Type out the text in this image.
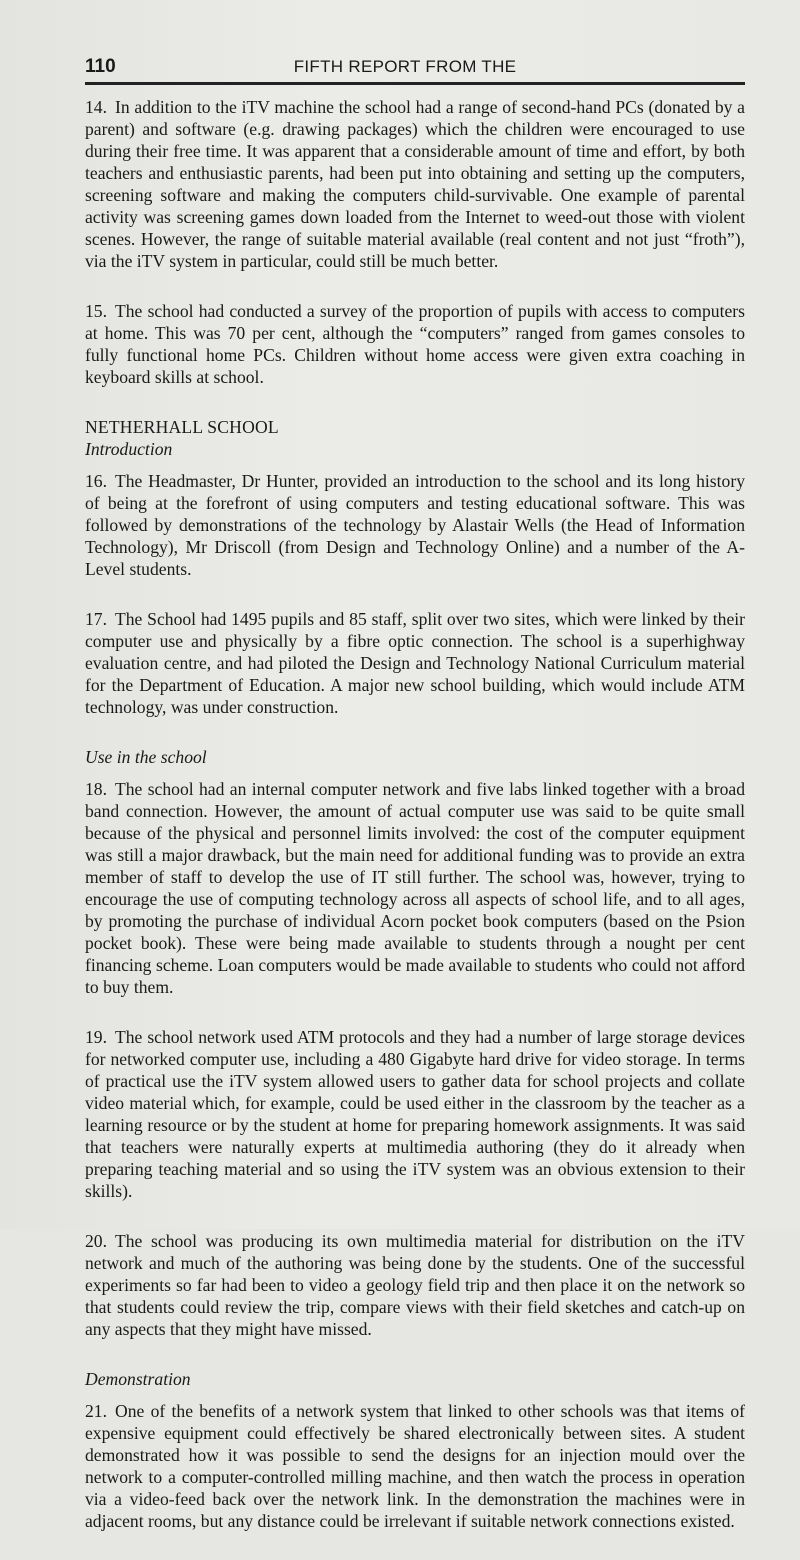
110	FIFTH REPORT FROM THE

14. In addition to the iTV machine the school had a range of second-hand PCs (donated by a parent) and software (e.g. drawing packages) which the children were encouraged to use during their free time. It was apparent that a considerable amount of time and effort, by both teachers and enthusiastic parents, had been put into obtaining and setting up the computers, screening software and making the computers child-survivable. One example of parental activity was screening games down loaded from the Internet to weed-out those with violent scenes. However, the range of suitable material available (real content and not just “froth”), via the iTV system in particular, could still be much better.

15. The school had conducted a survey of the proportion of pupils with access to computers at home. This was 70 per cent, although the “computers” ranged from games consoles to fully functional home PCs. Children without home access were given extra coaching in keyboard skills at school.

NETHERHALL SCHOOL
Introduction

16. The Headmaster, Dr Hunter, provided an introduction to the school and its long history of being at the forefront of using computers and testing educational software. This was followed by demonstrations of the technology by Alastair Wells (the Head of Information Technology), Mr Driscoll (from Design and Technology Online) and a number of the A-Level students.

17. The School had 1495 pupils and 85 staff, split over two sites, which were linked by their computer use and physically by a fibre optic connection. The school is a superhighway evaluation centre, and had piloted the Design and Technology National Curriculum material for the Department of Education. A major new school building, which would include ATM technology, was under construction.

Use in the school

18. The school had an internal computer network and five labs linked together with a broad band connection. However, the amount of actual computer use was said to be quite small because of the physical and personnel limits involved: the cost of the computer equipment was still a major drawback, but the main need for additional funding was to provide an extra member of staff to develop the use of IT still further. The school was, however, trying to encourage the use of computing technology across all aspects of school life, and to all ages, by promoting the purchase of individual Acorn pocket book computers (based on the Psion pocket book). These were being made available to students through a nought per cent financing scheme. Loan computers would be made available to students who could not afford to buy them.

19. The school network used ATM protocols and they had a number of large storage devices for networked computer use, including a 480 Gigabyte hard drive for video storage. In terms of practical use the iTV system allowed users to gather data for school projects and collate video material which, for example, could be used either in the classroom by the teacher as a learning resource or by the student at home for preparing homework assignments. It was said that teachers were naturally experts at multimedia authoring (they do it already when preparing teaching material and so using the iTV system was an obvious extension to their skills).

20. The school was producing its own multimedia material for distribution on the iTV network and much of the authoring was being done by the students. One of the successful experiments so far had been to video a geology field trip and then place it on the network so that students could review the trip, compare views with their field sketches and catch-up on any aspects that they might have missed.

Demonstration

21. One of the benefits of a network system that linked to other schools was that items of expensive equipment could effectively be shared electronically between sites. A student demonstrated how it was possible to send the designs for an injection mould over the network to a computer-controlled milling machine, and then watch the process in operation via a video-feed back over the network link. In the demonstration the machines were in adjacent rooms, but any distance could be irrelevant if suitable network connections existed.
